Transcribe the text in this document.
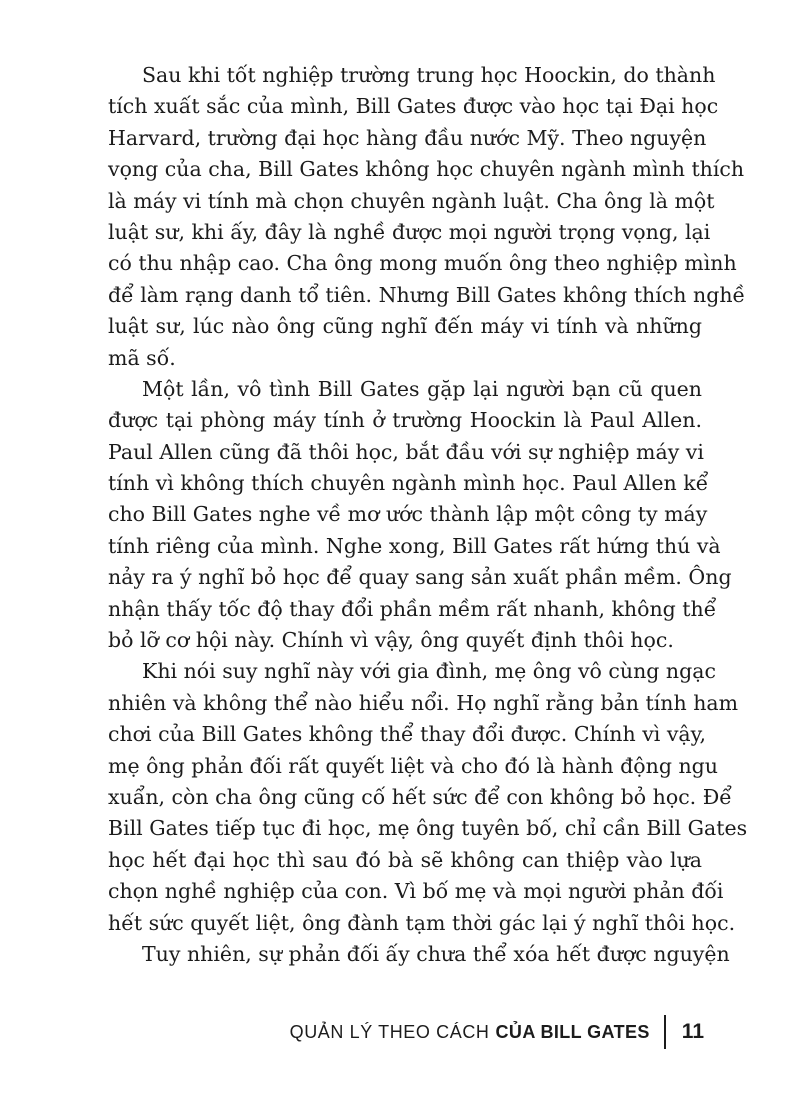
Sau khi tốt nghiệp trường trung học Hoockin, do thành
tích xuất sắc của mình, Bill Gates được vào học tại Đại học
Harvard, trường đại học hàng đầu nước Mỹ. Theo nguyện
vọng của cha, Bill Gates không học chuyên ngành mình thích
là máy vi tính mà chọn chuyên ngành luật. Cha ông là một
luật sư, khi ấy, đây là nghề được mọi người trọng vọng, lại
có thu nhập cao. Cha ông mong muốn ông theo nghiệp mình
để làm rạng danh tổ tiên. Nhưng Bill Gates không thích nghề
luật sư, lúc nào ông cũng nghĩ đến máy vi tính và những
mã số.
Một lần, vô tình Bill Gates gặp lại người bạn cũ quen
được tại phòng máy tính ở trường Hoockin là Paul Allen.
Paul Allen cũng đã thôi học, bắt đầu với sự nghiệp máy vi
tính vì không thích chuyên ngành mình học. Paul Allen kể
cho Bill Gates nghe về mơ ước thành lập một công ty máy
tính riêng của mình. Nghe xong, Bill Gates rất hứng thú và
nảy ra ý nghĩ bỏ học để quay sang sản xuất phần mềm. Ông
nhận thấy tốc độ thay đổi phần mềm rất nhanh, không thể
bỏ lỡ cơ hội này. Chính vì vậy, ông quyết định thôi học.
Khi nói suy nghĩ này với gia đình, mẹ ông vô cùng ngạc
nhiên và không thể nào hiểu nổi. Họ nghĩ rằng bản tính ham
chơi của Bill Gates không thể thay đổi được. Chính vì vậy,
mẹ ông phản đối rất quyết liệt và cho đó là hành động ngu
xuẩn, còn cha ông cũng cố hết sức để con không bỏ học. Để
Bill Gates tiếp tục đi học, mẹ ông tuyên bố, chỉ cần Bill Gates
học hết đại học thì sau đó bà sẽ không can thiệp vào lựa
chọn nghề nghiệp của con. Vì bố mẹ và mọi người phản đối
hết sức quyết liệt, ông đành tạm thời gác lại ý nghĩ thôi học.
Tuy nhiên, sự phản đối ấy chưa thể xóa hết được nguyện
QUẢN LÝ THEO CÁCH CỦA BILL GATES 11
